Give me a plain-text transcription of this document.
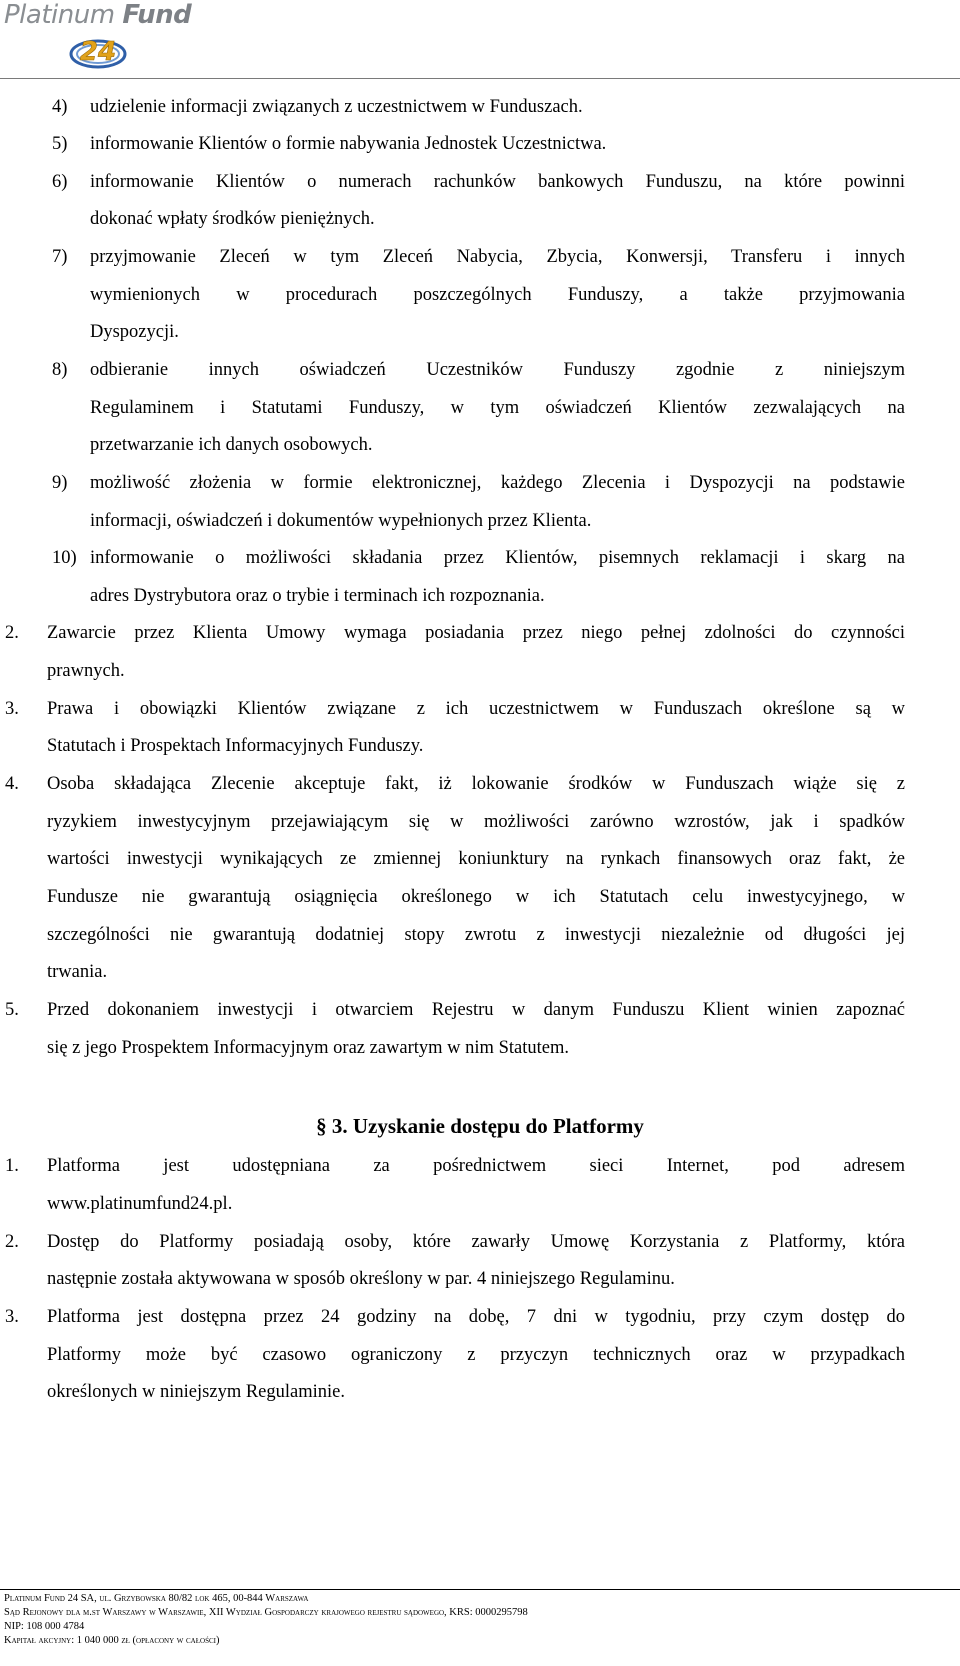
Platinum Fund
24
4) udzielenie informacji związanych z uczestnictwem w Funduszach.
5) informowanie Klientów o formie nabywania Jednostek Uczestnictwa.
6) informowanie Klientów o numerach rachunków bankowych Funduszu, na które powinni
dokonać wpłaty środków pieniężnych.
7) przyjmowanie Zleceń w tym Zleceń Nabycia, Zbycia, Konwersji, Transferu i innych
wymienionych w procedurach poszczególnych Funduszy, a także przyjmowania
Dyspozycji.
8) odbieranie innych oświadczeń Uczestników Funduszy zgodnie z niniejszym
Regulaminem i Statutami Funduszy, w tym oświadczeń Klientów zezwalających na
przetwarzanie ich danych osobowych.
9) możliwość złożenia w formie elektronicznej, każdego Zlecenia i Dyspozycji na podstawie
informacji, oświadczeń i dokumentów wypełnionych przez Klienta.
10) informowanie o możliwości składania przez Klientów, pisemnych reklamacji i skarg na
adres Dystrybutora oraz o trybie i terminach ich rozpoznania.
2. Zawarcie przez Klienta Umowy wymaga posiadania przez niego pełnej zdolności do czynności
prawnych.
3. Prawa i obowiązki Klientów związane z ich uczestnictwem w Funduszach określone są w
Statutach i Prospektach Informacyjnych Funduszy.
4. Osoba składająca Zlecenie akceptuje fakt, iż lokowanie środków w Funduszach wiąże się z
ryzykiem inwestycyjnym przejawiającym się w możliwości zarówno wzrostów, jak i spadków
wartości inwestycji wynikających ze zmiennej koniunktury na rynkach finansowych oraz fakt, że
Fundusze nie gwarantują osiągnięcia określonego w ich Statutach celu inwestycyjnego, w
szczególności nie gwarantują dodatniej stopy zwrotu z inwestycji niezależnie od długości jej
trwania.
5. Przed dokonaniem inwestycji i otwarciem Rejestru w danym Funduszu Klient winien zapoznać
się z jego Prospektem Informacyjnym oraz zawartym w nim Statutem.
§ 3. Uzyskanie dostępu do Platformy
1. Platforma jest udostępniana za pośrednictwem sieci Internet, pod adresem
www.platinumfund24.pl.
2. Dostęp do Platformy posiadają osoby, które zawarły Umowę Korzystania z Platformy, która
następnie została aktywowana w sposób określony w par. 4 niniejszego Regulaminu.
3. Platforma jest dostępna przez 24 godziny na dobę, 7 dni w tygodniu, przy czym dostęp do
Platformy może być czasowo ograniczony z przyczyn technicznych oraz w przypadkach
określonych w niniejszym Regulaminie.
Platinum Fund 24 SA, ul. Grzybowska 80/82 lok 465, 00-844 Warszawa
Sąd Rejonowy dla m.st Warszawy w Warszawie, XII Wydział Gospodarczy krajowego rejestru sądowego, KRS: 0000295798
NIP: 108 000 4784
Kapitał akcyjny: 1 040 000 zł (opłacony w całości)
